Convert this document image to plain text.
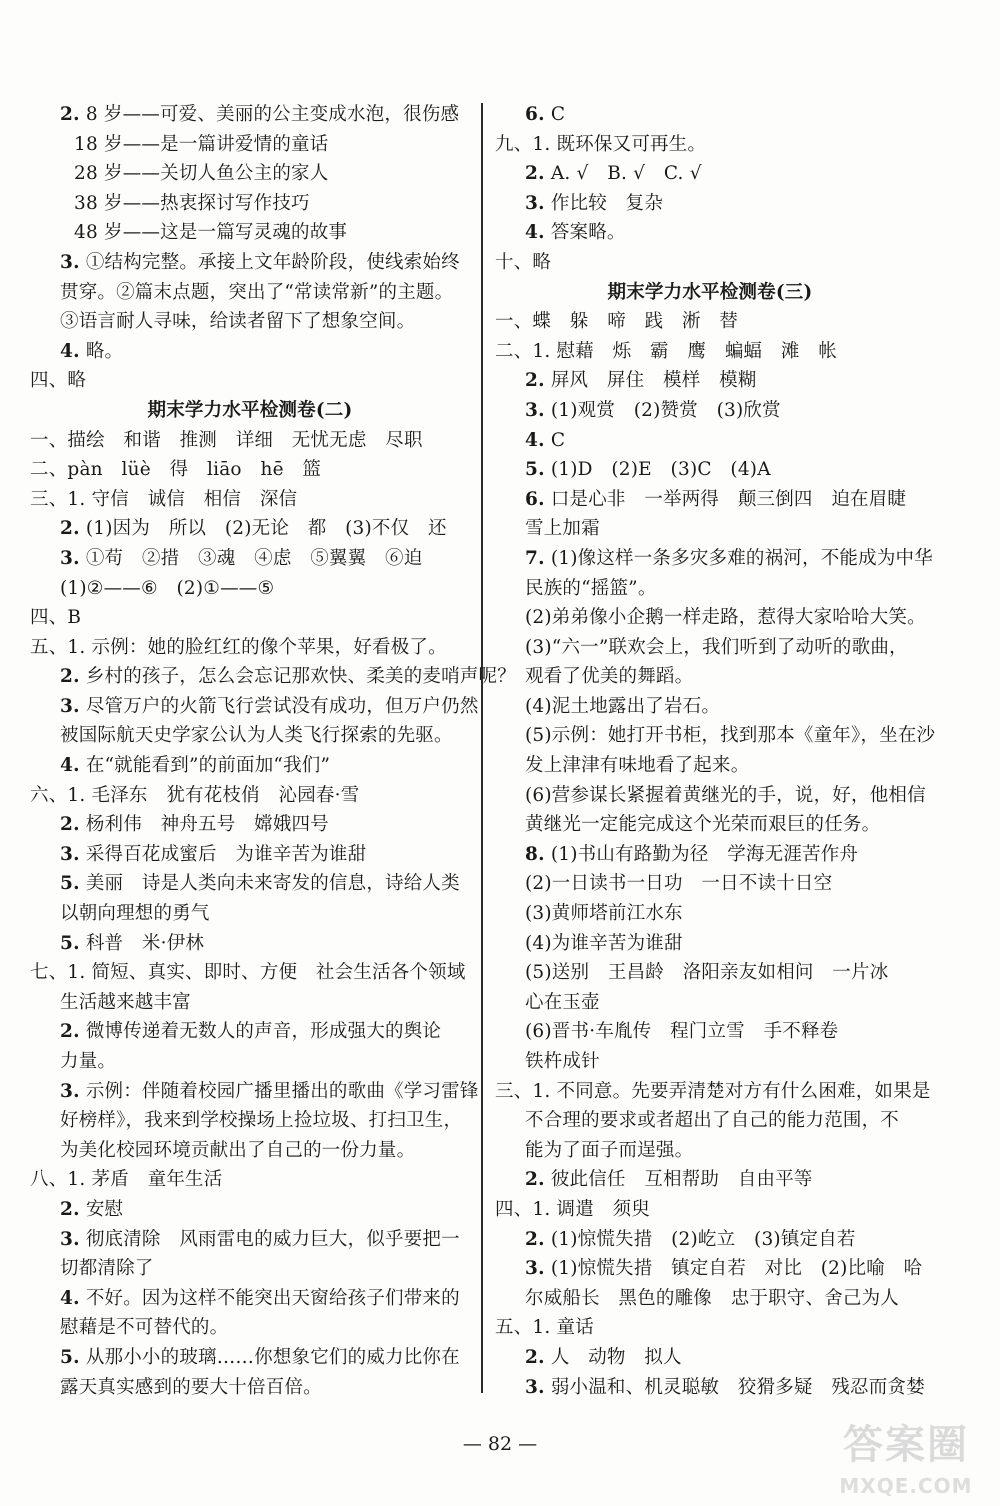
2. 8 岁——可爱、美丽的公主变成水泡，很伤感
18 岁——是一篇讲爱情的童话
28 岁——关切人鱼公主的家人
38 岁——热衷探讨写作技巧
48 岁——这是一篇写灵魂的故事
3. ①结构完整。承接上文年龄阶段，使线索始终
贯穿。②篇末点题，突出了“常读常新”的主题。
③语言耐人寻味，给读者留下了想象空间。
4. 略。
四、略
期末学力水平检测卷(二)
一、描绘　和谐　推测　详细　无忧无虑　尽职
二、pàn　lüè　得　liāo　hē　篮
三、1. 守信　诚信　相信　深信
2. (1)因为　所以　(2)无论　都　(3)不仅　还
3. ①苟　②措　③魂　④虑　⑤翼翼　⑥迫
(1)②——⑥　(2)①——⑤
四、B
五、1. 示例：她的脸红红的像个苹果，好看极了。
2. 乡村的孩子，怎么会忘记那欢快、柔美的麦哨声呢？
3. 尽管万户的火箭飞行尝试没有成功，但万户仍然
被国际航天史学家公认为人类飞行探索的先驱。
4. 在“就能看到”的前面加“我们”
六、1. 毛泽东　犹有花枝俏　沁园春·雪
2. 杨利伟　神舟五号　嫦娥四号
3. 采得百花成蜜后　为谁辛苦为谁甜
5. 美丽　诗是人类向未来寄发的信息，诗给人类
以朝向理想的勇气
5. 科普　米·伊林
七、1. 简短、真实、即时、方便　社会生活各个领域
生活越来越丰富
2. 微博传递着无数人的声音，形成强大的舆论
力量。
3. 示例：伴随着校园广播里播出的歌曲《学习雷锋
好榜样》，我来到学校操场上捡垃圾、打扫卫生，
为美化校园环境贡献出了自己的一份力量。
八、1. 茅盾　童年生活
2. 安慰
3. 彻底清除　风雨雷电的威力巨大，似乎要把一
切都清除了
4. 不好。因为这样不能突出天窗给孩子们带来的
慰藉是不可替代的。
5. 从那小小的玻璃……你想象它们的威力比你在
露天真实感到的要大十倍百倍。
6. C
九、1. 既环保又可再生。
2. A. √　B. √　C. √
3. 作比较　复杂
4. 答案略。
十、略
期末学力水平检测卷(三)
一、蝶　躲　啼　践　淅　替
二、1. 慰藉　烁　霸　鹰　蝙蝠　滩　帐
2. 屏风　屏住　模样　模糊
3. (1)观赏　(2)赞赏　(3)欣赏
4. C
5. (1)D　(2)E　(3)C　(4)A
6. 口是心非　一举两得　颠三倒四　迫在眉睫
雪上加霜
7. (1)像这样一条多灾多难的祸河，不能成为中华
民族的“摇篮”。
(2)弟弟像小企鹅一样走路，惹得大家哈哈大笑。
(3)“六一”联欢会上，我们听到了动听的歌曲，
观看了优美的舞蹈。
(4)泥土地露出了岩石。
(5)示例：她打开书柜，找到那本《童年》，坐在沙
发上津津有味地看了起来。
(6)营参谋长紧握着黄继光的手，说，好，他相信
黄继光一定能完成这个光荣而艰巨的任务。
8. (1)书山有路勤为径　学海无涯苦作舟
(2)一日读书一日功　一日不读十日空
(3)黄师塔前江水东
(4)为谁辛苦为谁甜
(5)送别　王昌龄　洛阳亲友如相问　一片冰
心在玉壶
(6)晋书·车胤传　程门立雪　手不释卷
铁杵成针
三、1. 不同意。先要弄清楚对方有什么困难，如果是
不合理的要求或者超出了自己的能力范围，不
能为了面子而逞强。
2. 彼此信任　互相帮助　自由平等
四、1. 调遣　须臾
2. (1)惊慌失措　(2)屹立　(3)镇定自若
3. (1)惊慌失措　镇定自若　对比　(2)比喻　哈
尔威船长　黑色的雕像　忠于职守、舍己为人
五、1. 童话
2. 人　动物　拟人
3. 弱小温和、机灵聪敏　狡猾多疑　残忍而贪婪
— 82 —	答案圈
MXQE.COM
